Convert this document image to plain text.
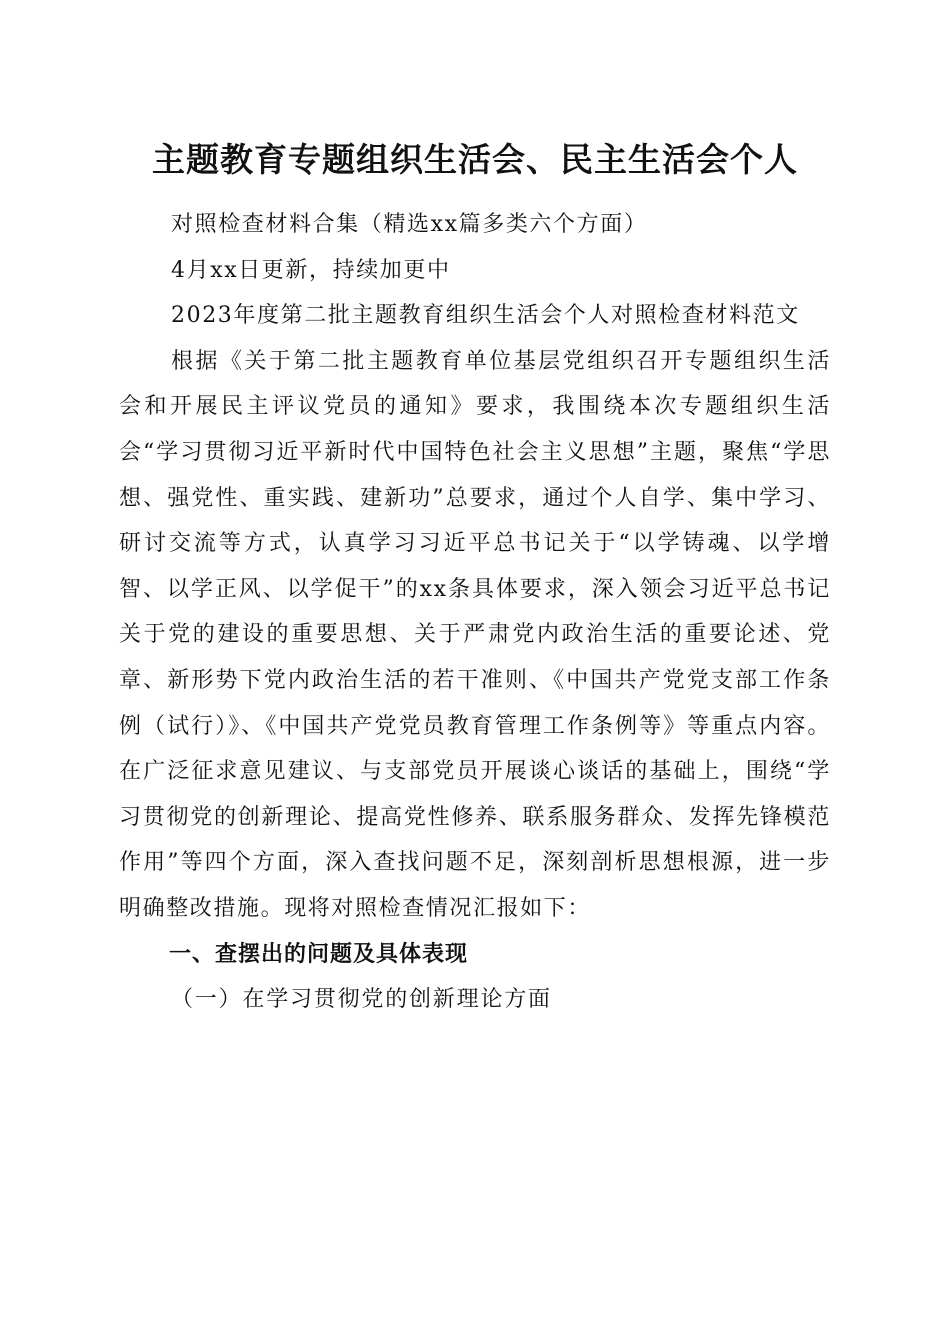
主题教育专题组织生活会、民主生活会个人

对照检查材料合集（精选xx篇多类六个方面）

4月xx日更新，持续加更中

2023年度第二批主题教育组织生活会个人对照检查材料范文

根据《关于第二批主题教育单位基层党组织召开专题组织生活会和开展民主评议党员的通知》要求，我围绕本次专题组织生活会“学习贯彻习近平新时代中国特色社会主义思想”主题，聚焦“学思想、强党性、重实践、建新功”总要求，通过个人自学、集中学习、研讨交流等方式，认真学习习近平总书记关于“以学铸魂、以学增智、以学正风、以学促干”的xx条具体要求，深入领会习近平总书记关于党的建设的重要思想、关于严肃党内政治生活的重要论述、党章、新形势下党内政治生活的若干准则、《中国共产党党支部工作条例（试行）》、《中国共产党党员教育管理工作条例等》等重点内容。在广泛征求意见建议、与支部党员开展谈心谈话的基础上，围绕“学习贯彻党的创新理论、提高党性修养、联系服务群众、发挥先锋模范作用”等四个方面，深入查找问题不足，深刻剖析思想根源，进一步明确整改措施。现将对照检查情况汇报如下：

一、查摆出的问题及具体表现

（一）在学习贯彻党的创新理论方面
